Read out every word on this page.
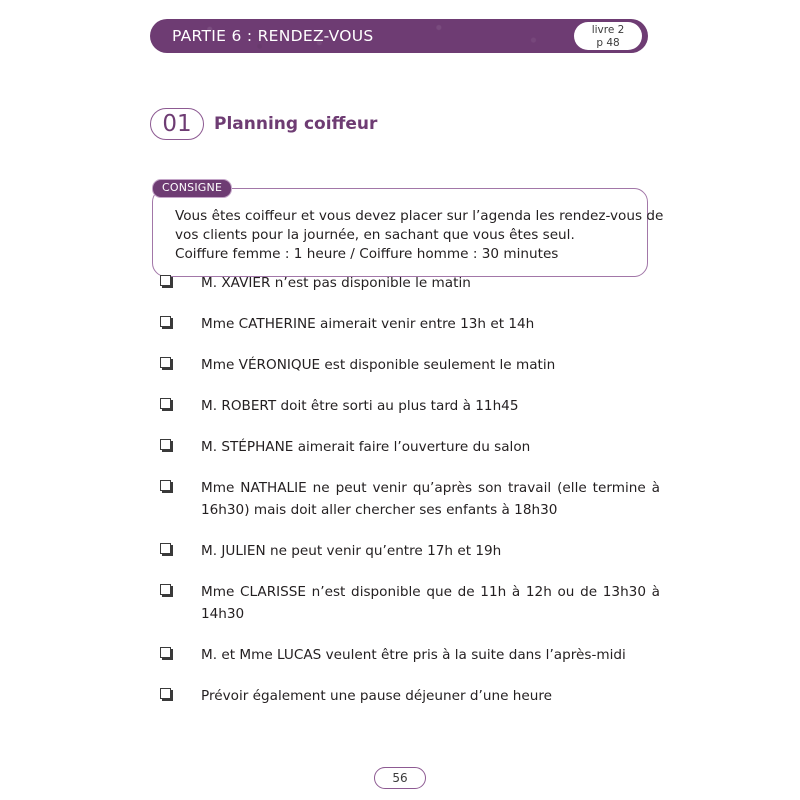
PARTIE 6 : RENDEZ-VOUS	livre 2
p 48
01	Planning coiffeur
Vous êtes coiffeur et vous devez placer sur l’agenda les rendez-vous de
vos clients pour la journée, en sachant que vous êtes seul.
Coiffure femme : 1 heure / Coiffure homme : 30 minutes
CONSIGNE
M. XAVIER n’est pas disponible le matin
Mme CATHERINE aimerait venir entre 13h et 14h
Mme VÉRONIQUE est disponible seulement le matin
M. ROBERT doit être sorti au plus tard à 11h45
M. STÉPHANE aimerait faire l’ouverture du salon
Mme NATHALIE ne peut venir qu’après son travail (elle termine à 16h30) mais doit aller chercher ses enfants à 18h30
M. JULIEN ne peut venir qu’entre 17h et 19h
Mme CLARISSE n’est disponible que de 11h à 12h ou de 13h30 à 14h30
M. et Mme LUCAS veulent être pris à la suite dans l’après-midi
Prévoir également une pause déjeuner d’une heure
56
